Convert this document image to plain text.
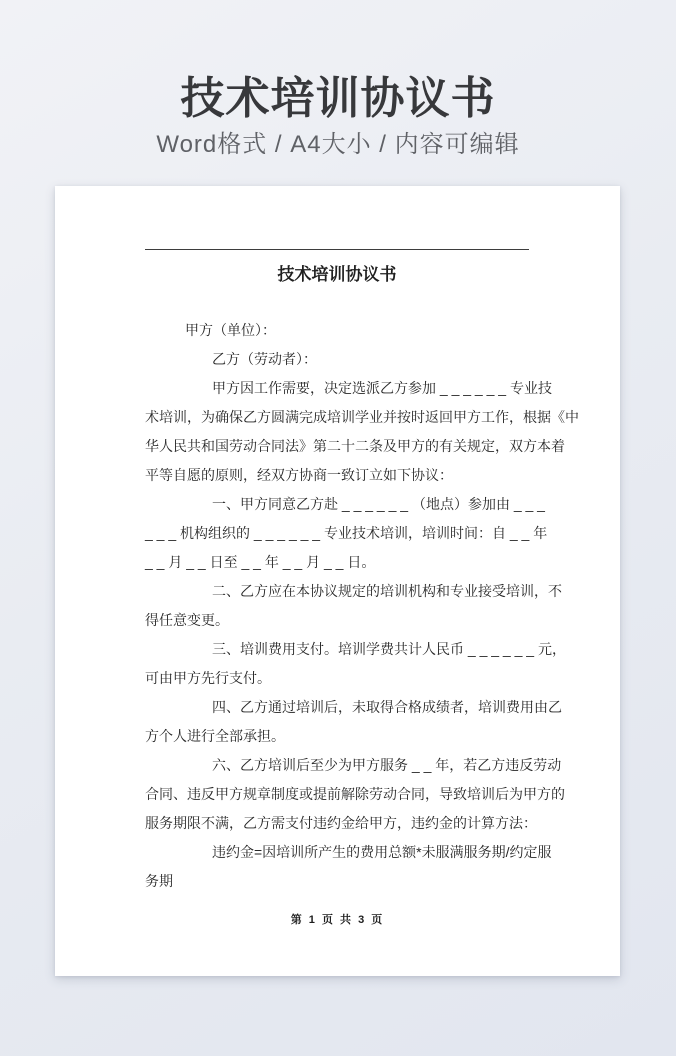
技术培训协议书
Word格式 / A4大小 / 内容可编辑
技术培训协议书
甲方（单位）：
乙方（劳动者）：
甲方因工作需要，决定选派乙方参加 _ _ _ _ _ _ 专业技
术培训，为确保乙方圆满完成培训学业并按时返回甲方工作，根据《中
华人民共和国劳动合同法》第二十二条及甲方的有关规定，双方本着
平等自愿的原则，经双方协商一致订立如下协议：
一、甲方同意乙方赴 _ _ _ _ _ _ （地点）参加由 _ _ _
_ _ _ 机构组织的 _ _ _ _ _ _ 专业技术培训，培训时间：自 _ _ 年
_ _ 月 _ _ 日至 _ _ 年 _ _ 月 _ _ 日。
二、乙方应在本协议规定的培训机构和专业接受培训，不
得任意变更。
三、培训费用支付。培训学费共计人民币 _ _ _ _ _ _ 元，
可由甲方先行支付。
四、乙方通过培训后，未取得合格成绩者，培训费用由乙
方个人进行全部承担。
六、乙方培训后至少为甲方服务 _ _ 年，若乙方违反劳动
合同、违反甲方规章制度或提前解除劳动合同，导致培训后为甲方的
服务期限不满，乙方需支付违约金给甲方，违约金的计算方法：
违约金=因培训所产生的费用总额*未服满服务期/约定服
务期
第 1 页 共 3 页
